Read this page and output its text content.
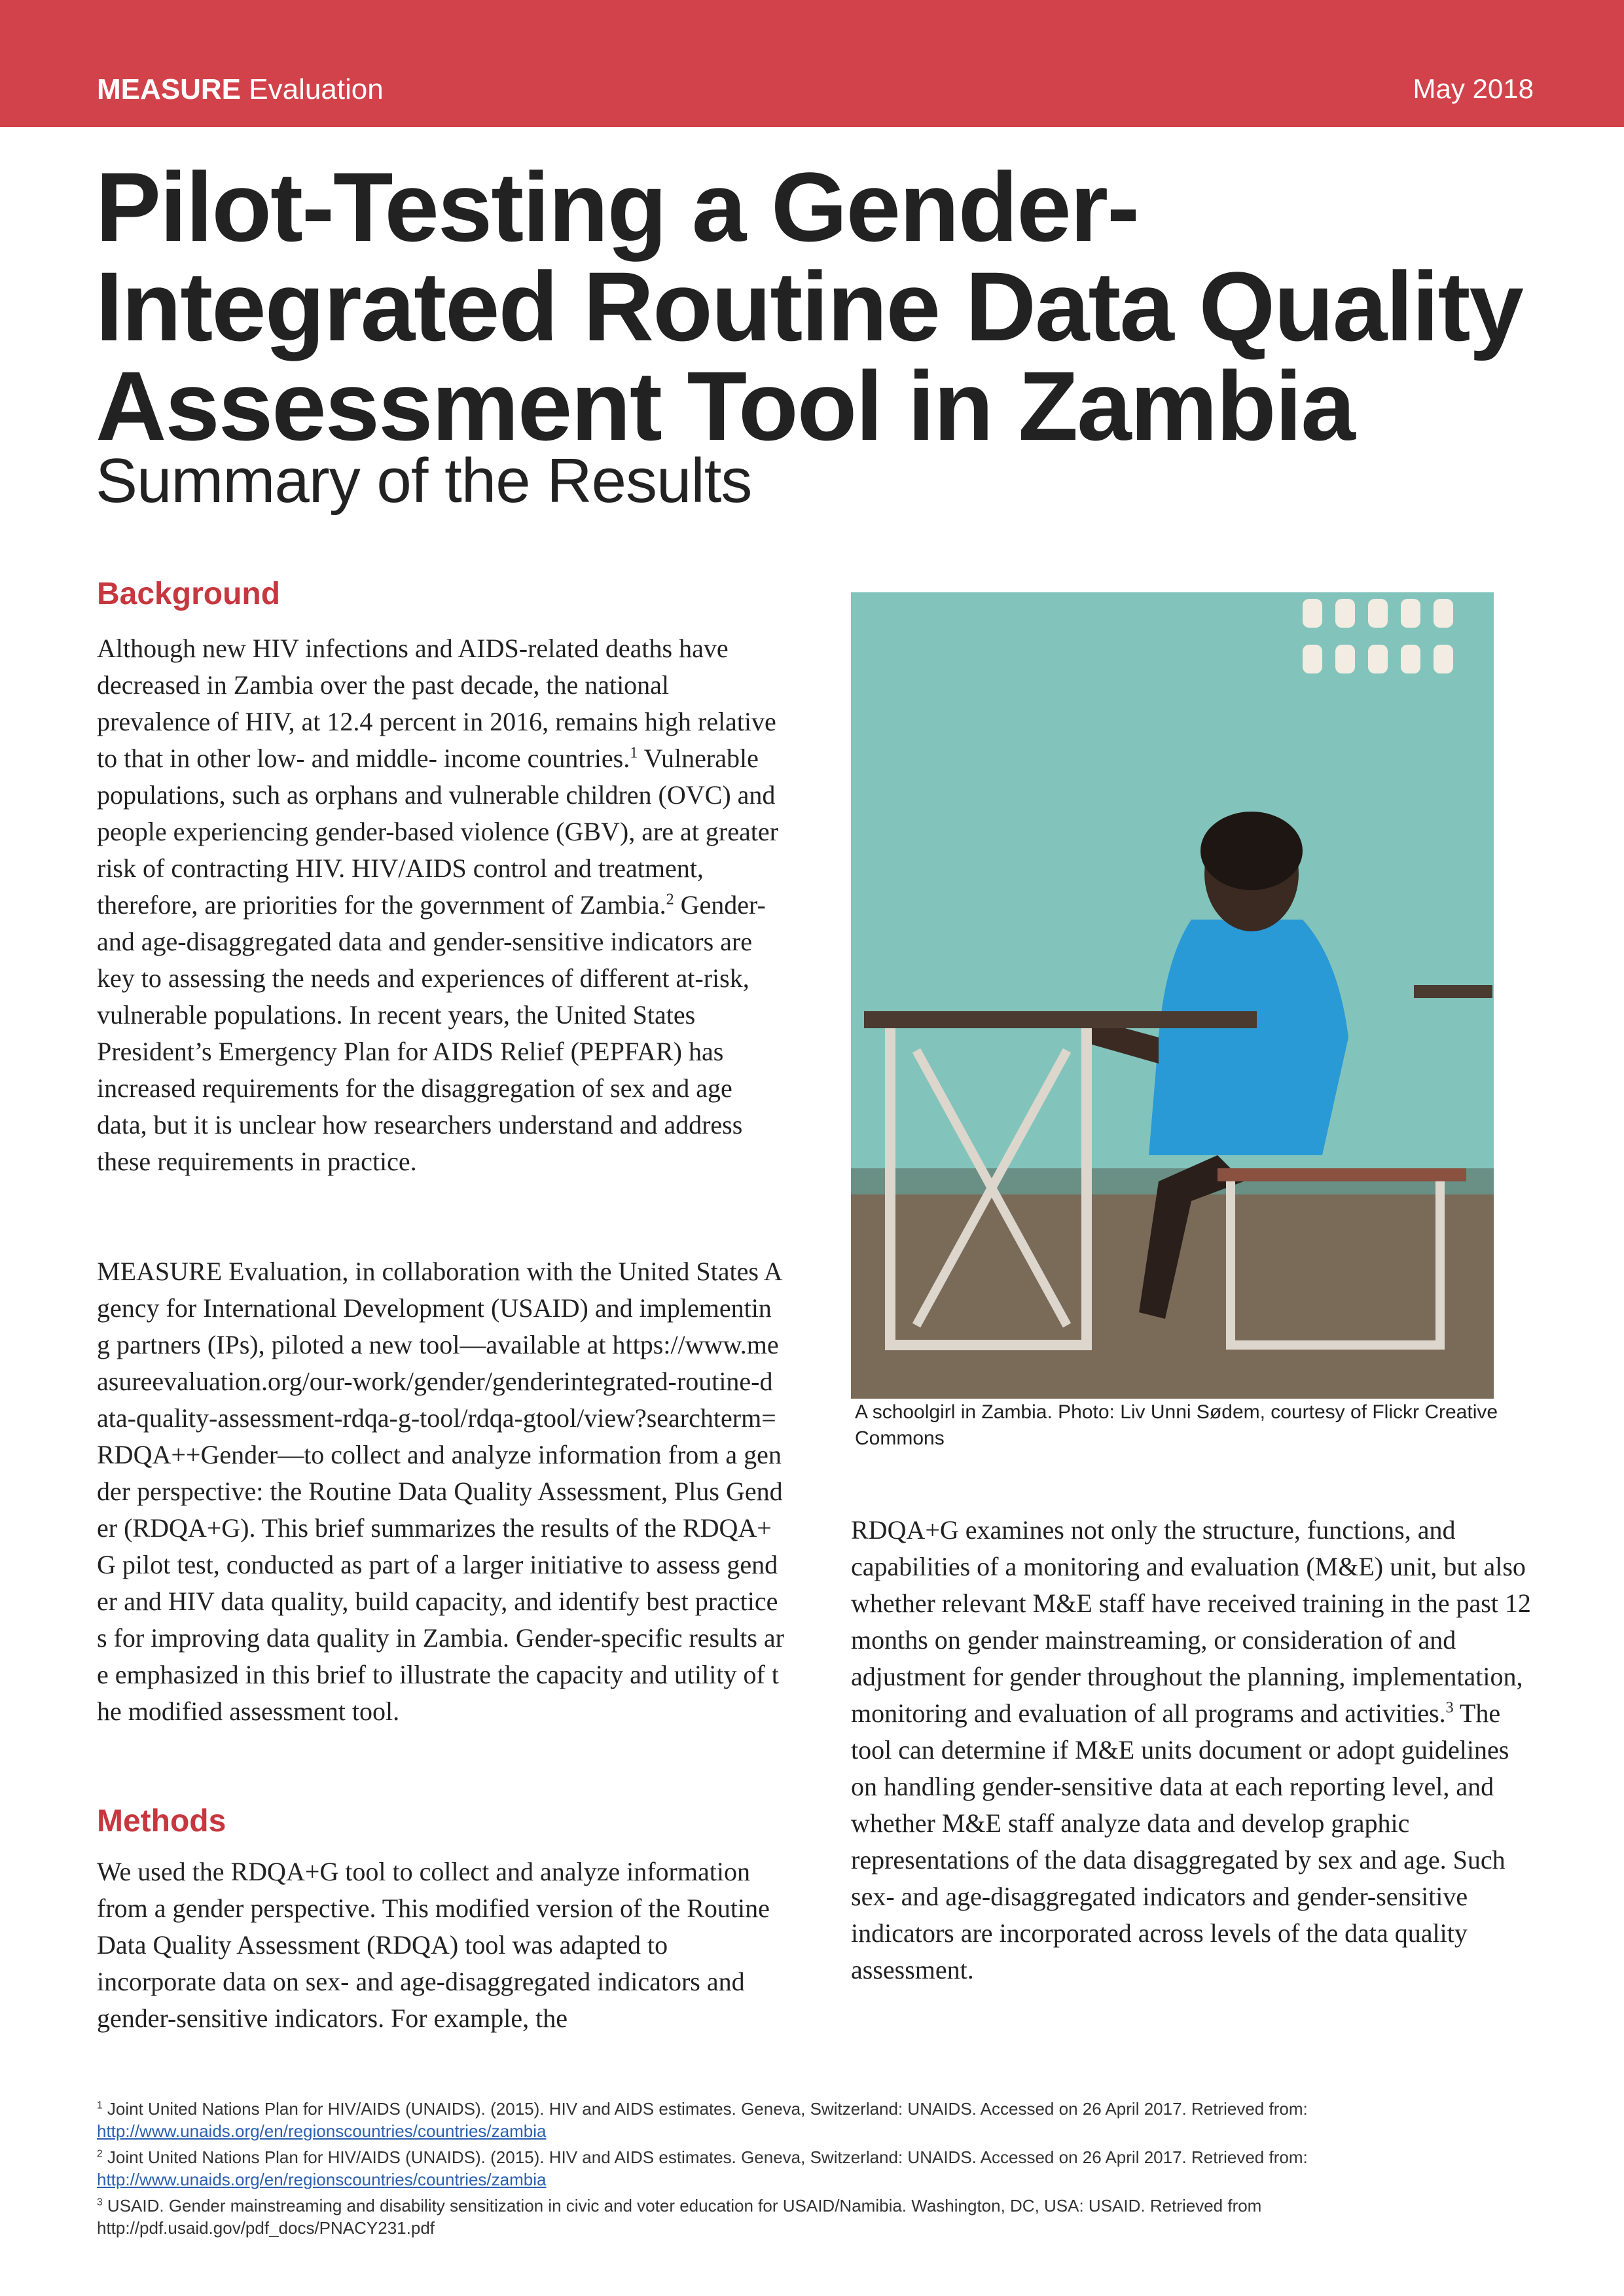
MEASURE Evaluation	May 2018
Pilot-Testing a Gender-Integrated Routine Data Quality Assessment Tool in Zambia
Summary of the Results
Background
Although new HIV infections and AIDS-related deaths have decreased in Zambia over the past decade, the national prevalence of HIV, at 12.4 percent in 2016, remains high relative to that in other low- and middle- income countries.$^1$ Vulnerable populations, such as orphans and vulnerable children (OVC) and people experiencing gender-based violence (GBV), are at greater risk of contracting HIV. HIV/AIDS control and treatment, therefore, are priorities for the government of Zambia.$^2$ Gender- and age-disaggregated data and gender-sensitive indicators are key to assessing the needs and experiences of different at-risk, vulnerable populations. In recent years, the United States President’s Emergency Plan for AIDS Relief (PEPFAR) has increased requirements for the disaggregation of sex and age data, but it is unclear how researchers understand and address these requirements in practice.
MEASURE Evaluation, in collaboration with the United States Agency for International Development (USAID) and implementing partners (IPs), piloted a new tool—available at https://www.measureevaluation.org/our-work/gender/genderintegrated-routine-data-quality-assessment-rdqa-g-tool/rdqa-gtool/view?searchterm=RDQA++Gender—to collect and analyze information from a gender perspective: the Routine Data Quality Assessment, Plus Gender (RDQA+G). This brief summarizes the results of the RDQA+G pilot test, conducted as part of a larger initiative to assess gender and HIV data quality, build capacity, and identify best practices for improving data quality in Zambia. Gender-specific results are emphasized in this brief to illustrate the capacity and utility of the modified assessment tool.
Methods
We used the RDQA+G tool to collect and analyze information from a gender perspective. This modified version of the Routine Data Quality Assessment (RDQA) tool was adapted to incorporate data on sex- and age-disaggregated indicators and gender-sensitive indicators. For example, the
A schoolgirl in Zambia. Photo: Liv Unni Sødem, courtesy of Flickr Creative Commons
RDQA+G examines not only the structure, functions, and capabilities of a monitoring and evaluation (M&E) unit, but also whether relevant M&E staff have received training in the past 12 months on gender mainstreaming, or consideration of and adjustment for gender throughout the planning, implementation, monitoring and evaluation of all programs and activities.$^3$ The tool can determine if M&E units document or adopt guidelines on handling gender-sensitive data at each reporting level, and whether M&E staff analyze data and develop graphic representations of the data disaggregated by sex and age. Such sex- and age-disaggregated indicators and gender-sensitive indicators are incorporated across levels of the data quality assessment.
$^1$ Joint United Nations Plan for HIV/AIDS (UNAIDS). (2015). HIV and AIDS estimates. Geneva, Switzerland: UNAIDS. Accessed on 26 April 2017. Retrieved from: http://www.unaids.org/en/regionscountries/countries/zambia
$^2$ Joint United Nations Plan for HIV/AIDS (UNAIDS). (2015). HIV and AIDS estimates. Geneva, Switzerland: UNAIDS. Accessed on 26 April 2017. Retrieved from: http://www.unaids.org/en/regionscountries/countries/zambia
$^3$ USAID. Gender mainstreaming and disability sensitization in civic and voter education for USAID/Namibia. Washington, DC, USA: USAID. Retrieved from http://pdf.usaid.gov/pdf_docs/PNACY231.pdf
